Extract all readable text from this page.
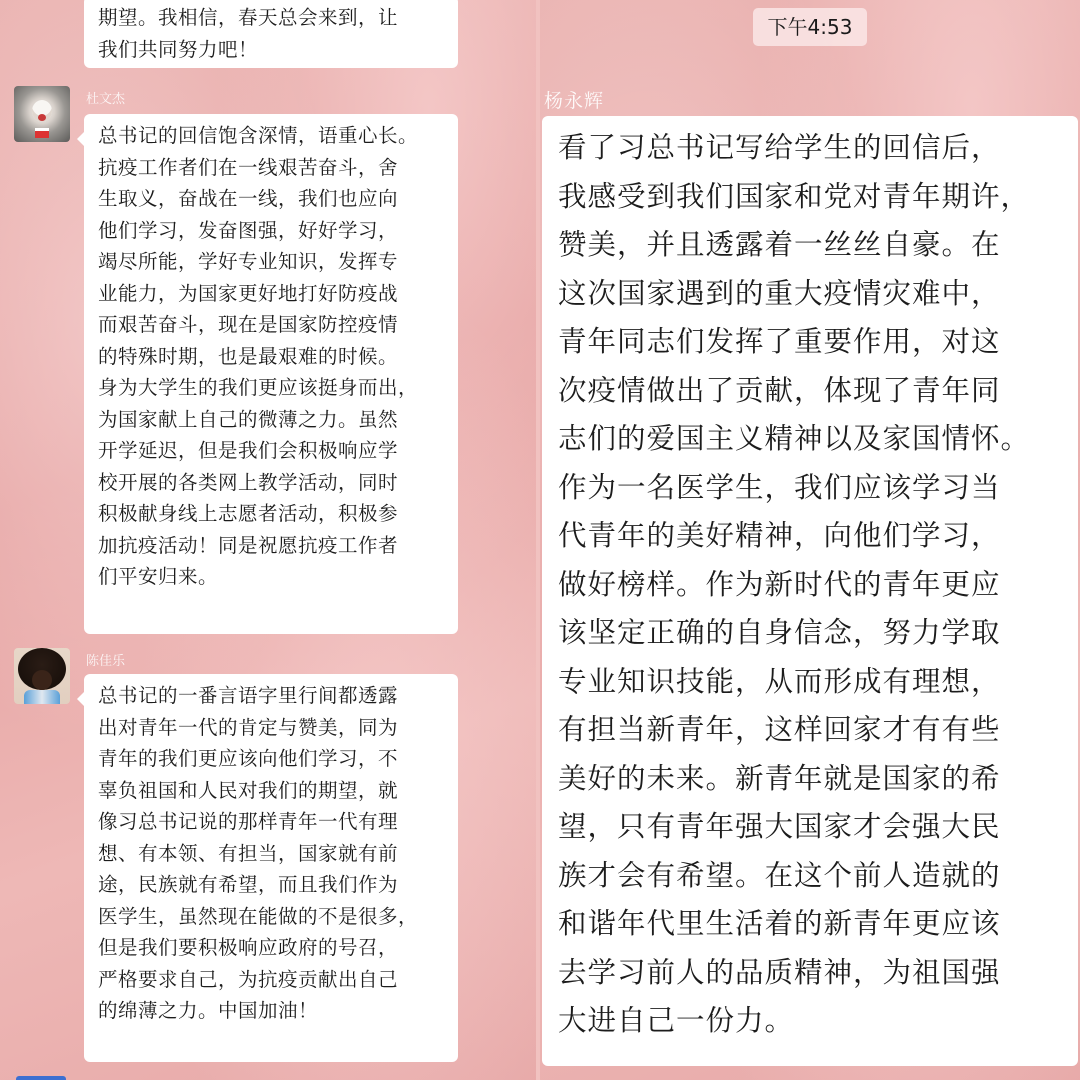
期望。我相信，春天总会来到，让
我们共同努力吧！
杜文杰
总书记的回信饱含深情，语重心长。
抗疫工作者们在一线艰苦奋斗，舍
生取义，奋战在一线，我们也应向
他们学习，发奋图强，好好学习，
竭尽所能，学好专业知识，发挥专
业能力，为国家更好地打好防疫战
而艰苦奋斗，现在是国家防控疫情
的特殊时期，也是最艰难的时候。
身为大学生的我们更应该挺身而出，
为国家献上自己的微薄之力。虽然
开学延迟，但是我们会积极响应学
校开展的各类网上教学活动，同时
积极献身线上志愿者活动，积极参
加抗疫活动！同是祝愿抗疫工作者
们平安归来。
陈佳乐
总书记的一番言语字里行间都透露
出对青年一代的肯定与赞美，同为
青年的我们更应该向他们学习，不
辜负祖国和人民对我们的期望，就
像习总书记说的那样青年一代有理
想、有本领、有担当，国家就有前
途，民族就有希望，而且我们作为
医学生，虽然现在能做的不是很多，
但是我们要积极响应政府的号召，
严格要求自己，为抗疫贡献出自己
的绵薄之力。中国加油！
下午4:53
杨永辉
看了习总书记写给学生的回信后，
我感受到我们国家和党对青年期许，
赞美，并且透露着一丝丝自豪。在
这次国家遇到的重大疫情灾难中，
青年同志们发挥了重要作用，对这
次疫情做出了贡献，体现了青年同
志们的爱国主义精神以及家国情怀。
作为一名医学生，我们应该学习当
代青年的美好精神，向他们学习，
做好榜样。作为新时代的青年更应
该坚定正确的自身信念，努力学取
专业知识技能，从而形成有理想，
有担当新青年，这样回家才有有些
美好的未来。新青年就是国家的希
望，只有青年强大国家才会强大民
族才会有希望。在这个前人造就的
和谐年代里生活着的新青年更应该
去学习前人的品质精神，为祖国强
大进自己一份力。
